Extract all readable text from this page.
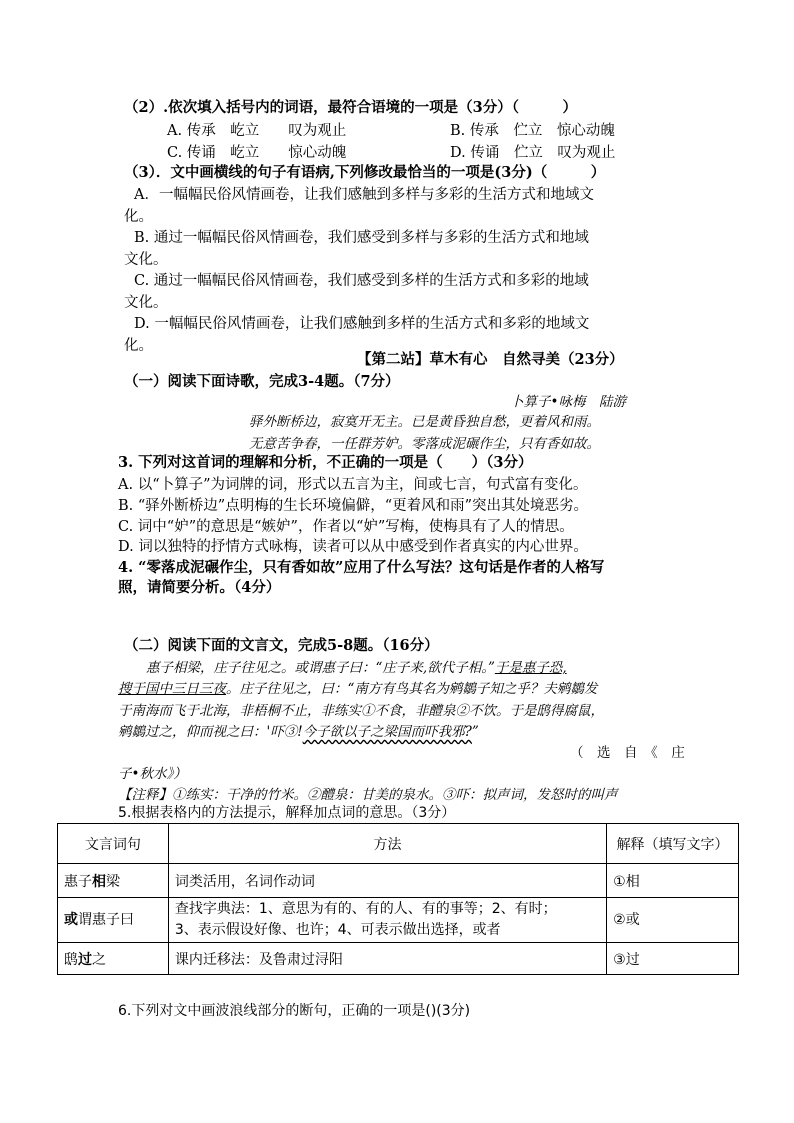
（2）.依次填入括号内的词语，最符合语境的一项是（3分）（　　　）
A. 传承　屹立　　叹为观止	B. 传承　伫立　惊心动魄
C. 传诵　屹立　　惊心动魄	D. 传诵　伫立　叹为观止
（3）．文中画横线的句子有语病,下列修改最恰当的一项是(3分)（　　　）
A．一幅幅民俗风情画卷，让我们感触到多样与多彩的生活方式和地域文
化。
B. 通过一幅幅民俗风情画卷，我们感受到多样与多彩的生活方式和地域
文化。
C. 通过一幅幅民俗风情画卷，我们感受到多样的生活方式和多彩的地域
文化。
D. 一幅幅民俗风情画卷，让我们感触到多样的生活方式和多彩的地域文
化。
【第二站】草木有心　自然寻美（23分）
（一）阅读下面诗歌，完成3-4题。（7分）
卜算子•咏梅　陆游
驿外断桥边，寂寞开无主。已是黄昏独自愁，更着风和雨。
无意苦争春，一任群芳妒。零落成泥碾作尘，只有香如故。
3. 下列对这首词的理解和分析，不正确的一项是（　　）（3分）
A. 以“卜算子”为词牌的词，形式以五言为主，间或七言，句式富有变化。
B. “驿外断桥边”点明梅的生长环境偏僻，“更着风和雨”突出其处境恶劣。
C. 词中“妒”的意思是“嫉妒”，作者以“妒”写梅，使梅具有了人的情思。
D. 词以独特的抒情方式咏梅，读者可以从中感受到作者真实的内心世界。
4. “零落成泥碾作尘，只有香如故”应用了什么写法？这句话是作者的人格写
照，请简要分析。（4分）
（二）阅读下面的文言文，完成5-8题。（16分）
惠子相梁，庄子往见之。或谓惠子曰：“庄子来,欲代子相。”于是惠子恐,
搜于国中三日三夜。庄子往见之，曰：“南方有鸟其名为鹓鶵子知之乎？夫鹓鶵发
于南海而飞于北海，非梧桐不止，非练实①不食，非醴泉②不饮。于是鸱得腐鼠，
鹓鶵过之，仰而视之曰：'吓③!今子欲以子之梁国而吓我邪?”
（　选　自　《　庄
子•秋水》）
【注释】①练实：干净的竹米。②醴泉：甘美的泉水。③吓：拟声词，发怒时的叫声
5.根据表格内的方法提示，解释加点词的意思。（3分）
文言词句	方法	解释（填写文字）
惠子相梁	词类活用，名词作动词	①相
或谓惠子曰	查找字典法：1、意思为有的、有的人、有的事等；2、有时；
3、表示假设好像、也许；4、可表示做出选择，或者	②或
鸱过之	课内迁移法：及鲁肃过浔阳	③过
6.下列对文中画波浪线部分的断句，正确的一项是()(3分)
